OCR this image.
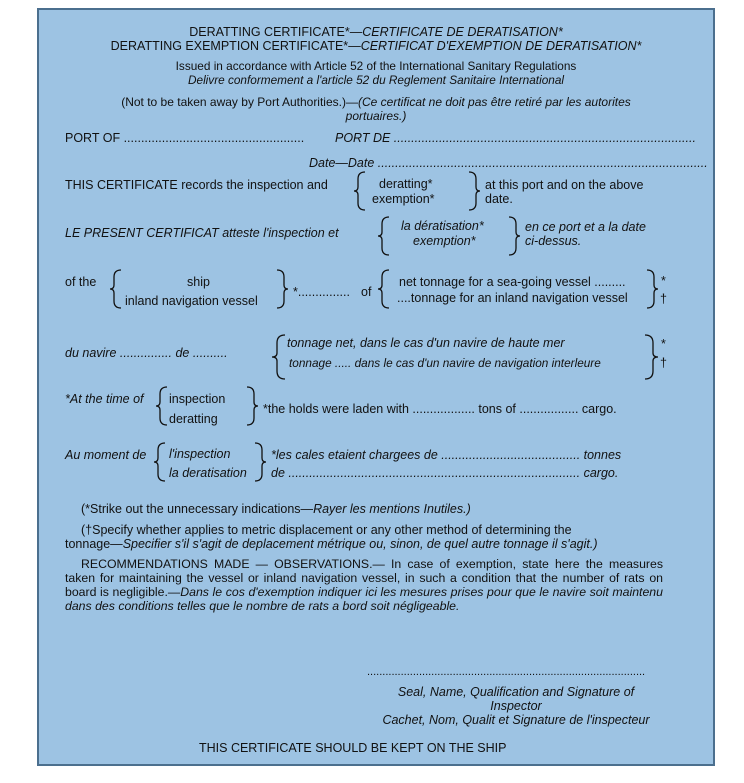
DERATTING CERTIFICATE*—CERTIFICATE DE DERATISATION*
DERATTING EXEMPTION CERTIFICATE*—CERTIFICAT D'EXEMPTION DE DERATISATION*
Issued in accordance with Article 52 of the International Sanitary Regulations
Delivre conformement a l'article 52 du Reglement Sanitaire International
(Not to be taken away by Port Authorities.)—(Ce certificat ne doit pas être retiré par les autorites
portuaires.)
PORT OF .................................................... PORT DE .......................................................................................
Date—Date ...............................................................................................
THIS CERTIFICATE records the inspection and	deratting*
exemption*
at this port and on the above
date.
LE PRESENT CERTIFICAT atteste l'inspection et	la dératisation*
exemption*
en ce port et a la date
ci-dessus.
of the	ship
inland navigation vessel
*............... of
net tonnage for a sea-going vessel .........
....tonnage for an inland navigation vessel
*
†
du navire ............... de ..........
tonnage net, dans le cas d'un navire de haute mer
tonnage ..... dans le cas d'un navire de navigation interleure
*
†
*At the time of inspection
deratting
*the holds were laden with .................. tons of ................. cargo.
Au moment de l'inspection
la deratisation
*les cales etaient chargees de ........................................ tonnes
de .................................................................................... cargo.
(*Strike out the unnecessary indications—Rayer les mentions Inutiles.)
(†Specify whether applies to metric displacement or any other method of determining the
tonnage—Specifier s'il s'agit de deplacement métrique ou, sinon, de quel autre tonnage il s'agit.)
RECOMMENDATIONS MADE — OBSERVATIONS.— In case of exemption, state here the measures taken for maintaining the vessel or inland navigation vessel, in such a condition that the number of rats on board is negligible.—Dans le cos d'exemption indiquer ici les mesures prises pour que le navire soit maintenu dans des conditions telles que le nombre de rats a bord soit négligeable.
...........................................................................................
Seal, Name, Qualification and Signature of
Inspector
Cachet, Nom, Qualit et Signature de l'inspecteur
THIS CERTIFICATE SHOULD BE KEPT ON THE SHIP
